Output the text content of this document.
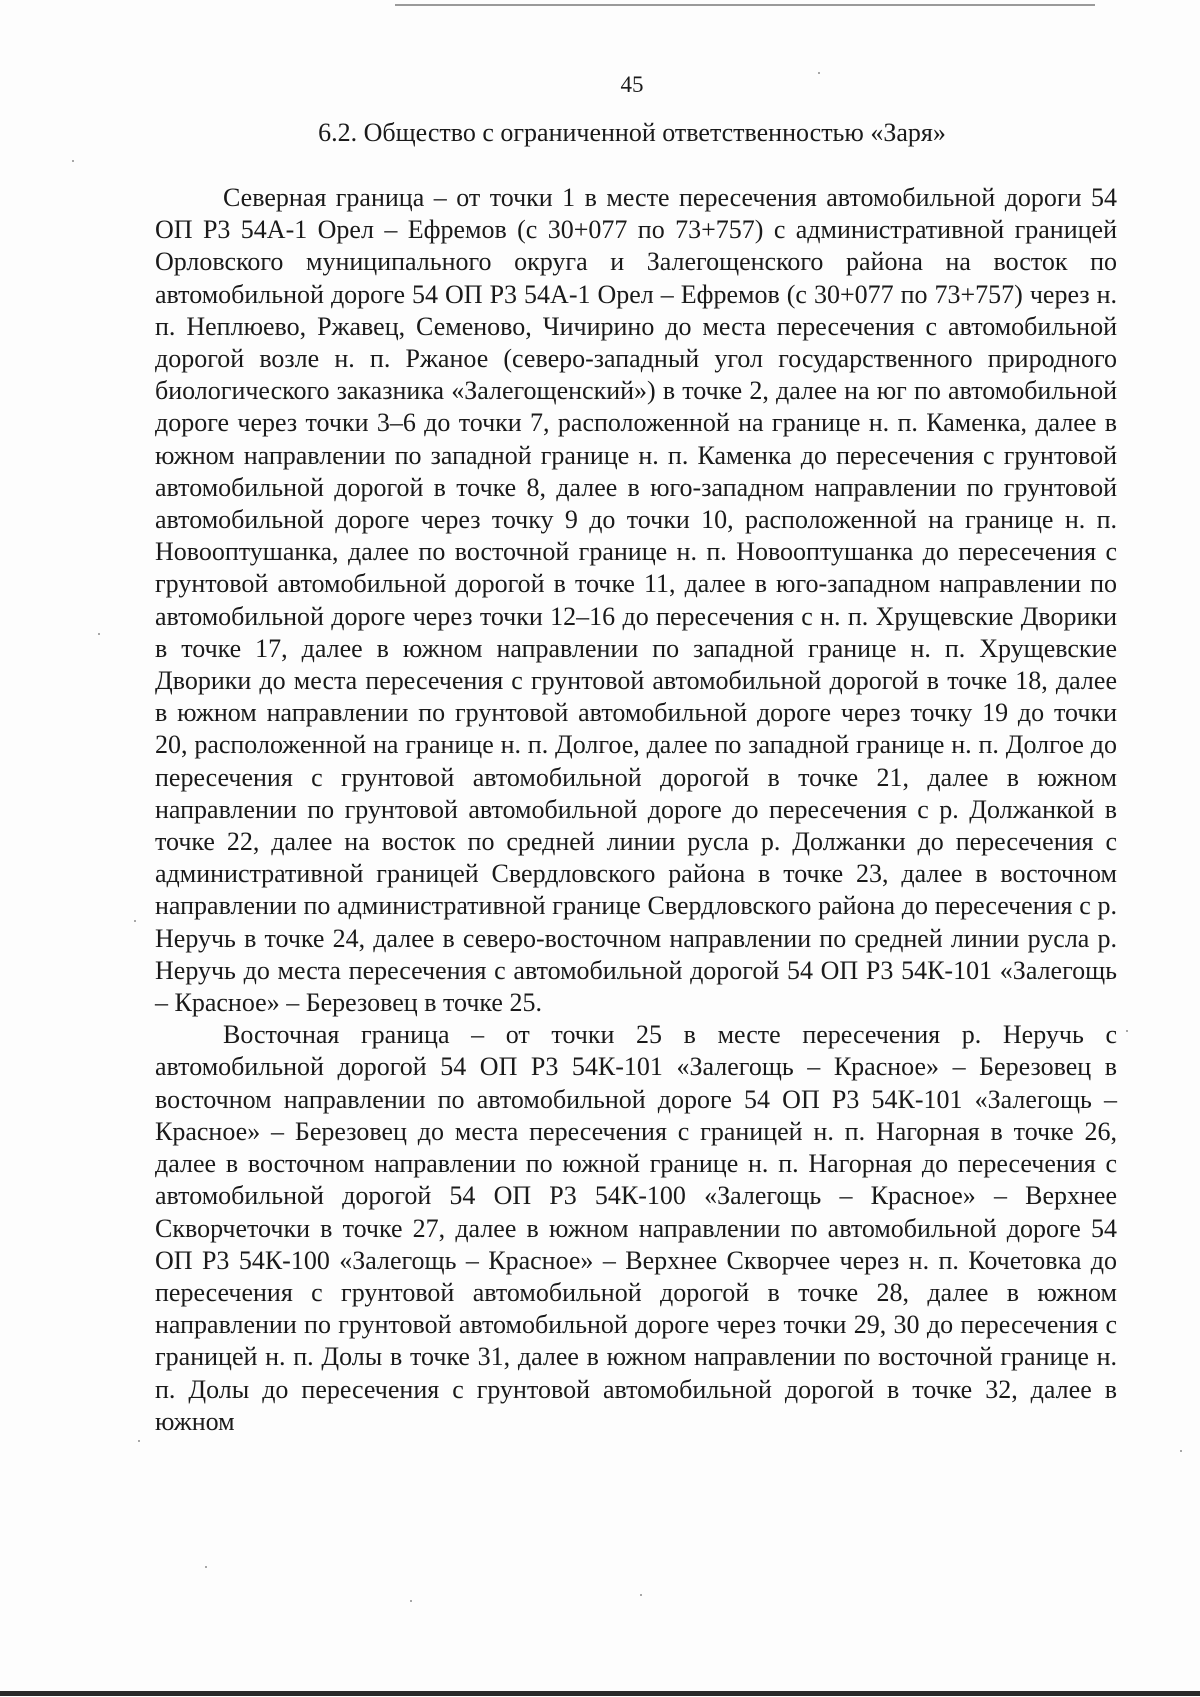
45
6.2. Общество с ограниченной ответственностью «Заря»

Северная граница – от точки 1 в месте пересечения автомобильной дороги 54 ОП Р3 54А-1 Орел – Ефремов (с 30+077 по 73+757) с административной границей Орловского муниципального округа и Залегощенского района на восток по автомобильной дороге 54 ОП Р3 54А-1 Орел – Ефремов (с 30+077 по 73+757) через н. п. Неплюево, Ржавец, Семеново, Чичирино до места пересечения с автомобильной дорогой возле н. п. Ржаное (северо-западный угол государственного природного биологического заказника «Залегощенский») в точке 2, далее на юг по автомобильной дороге через точки 3–6 до точки 7, расположенной на границе н. п. Каменка, далее в южном направлении по западной границе н. п. Каменка до пересечения с грунтовой автомобильной дорогой в точке 8, далее в юго-западном направлении по грунтовой автомобильной дороге через точку 9 до точки 10, расположенной на границе н. п. Новооптушанка, далее по восточной границе н. п. Новооптушанка до пересечения с грунтовой автомобильной дорогой в точке 11, далее в юго-западном направлении по автомобильной дороге через точки 12–16 до пересечения с н. п. Хрущевские Дворики в точке 17, далее в южном направлении по западной границе н. п. Хрущевские Дворики до места пересечения с грунтовой автомобильной дорогой в точке 18, далее в южном направлении по грунтовой автомобильной дороге через точку 19 до точки 20, расположенной на границе н. п. Долгое, далее по западной границе н. п. Долгое до пересечения с грунтовой автомобильной дорогой в точке 21, далее в южном направлении по грунтовой автомобильной дороге до пересечения с р. Должанкой в точке 22, далее на восток по средней линии русла р. Должанки до пересечения с административной границей Свердловского района в точке 23, далее в восточном направлении по административной границе Свердловского района до пересечения с р. Неручь в точке 24, далее в северо-восточном направлении по средней линии русла р. Неручь до места пересечения с автомобильной дорогой 54 ОП Р3 54К-101 «Залегощь – Красное» – Березовец в точке 25.

Восточная граница – от точки 25 в месте пересечения р. Неручь с автомобильной дорогой 54 ОП Р3 54К-101 «Залегощь – Красное» – Березовец в восточном направлении по автомобильной дороге 54 ОП Р3 54К-101 «Залегощь – Красное» – Березовец до места пересечения с границей н. п. Нагорная в точке 26, далее в восточном направлении по южной границе н. п. Нагорная до пересечения с автомобильной дорогой 54 ОП Р3 54К-100 «Залегощь – Красное» – Верхнее Скворчеточки в точке 27, далее в южном направлении по автомобильной дороге 54 ОП Р3 54К-100 «Залегощь – Красное» – Верхнее Скворчее через н. п. Кочетовка до пересечения с грунтовой автомобильной дорогой в точке 28, далее в южном направлении по грунтовой автомобильной дороге через точки 29, 30 до пересечения с границей н. п. Долы в точке 31, далее в южном направлении по восточной границе н. п. Долы до пересечения с грунтовой автомобильной дорогой в точке 32, далее в южном
